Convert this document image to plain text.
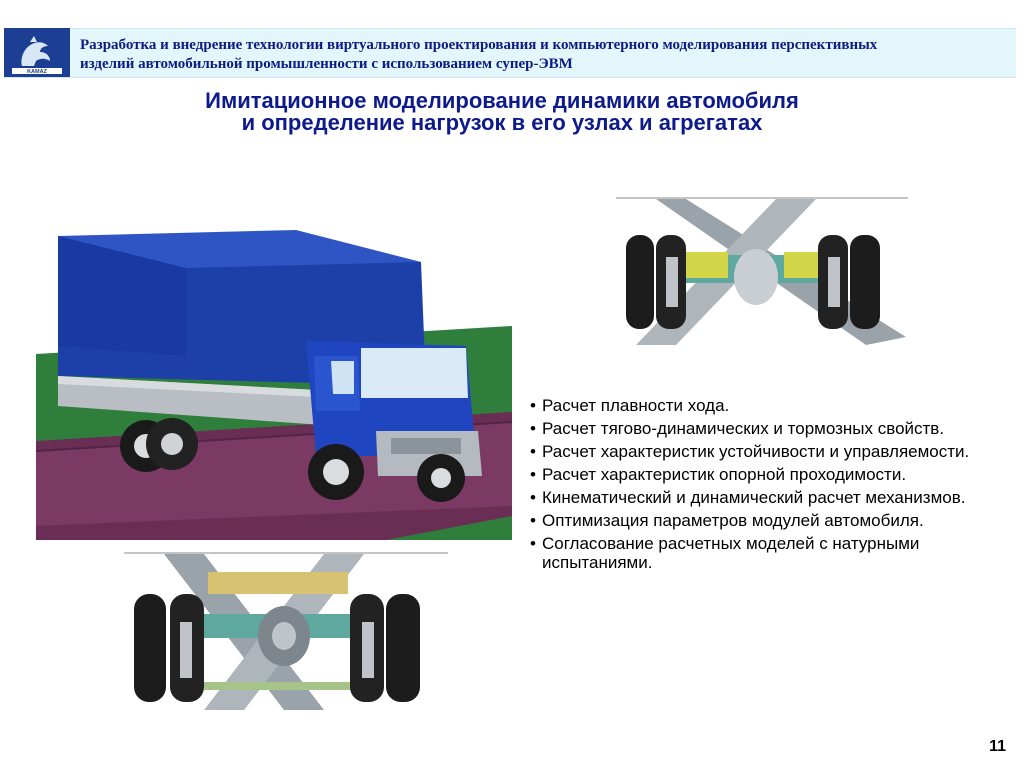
KAMAZ
Разработка и внедрение технологии виртуального проектирования и компьютерного моделирования перспективных
изделий автомобильной промышленности с использованием супер-ЭВМ
Имитационное моделирование динамики автомобиля
и определение нагрузок в его узлах и агрегатах
• Расчет плавности хода.
• Расчет тягово-динамических и тормозных свойств.
• Расчет характеристик устойчивости и управляемости.
• Расчет характеристик опорной проходимости.
• Кинематический и динамический расчет механизмов.
• Оптимизация параметров модулей автомобиля.
• Согласование расчетных моделей с натурными испытаниями.
11
